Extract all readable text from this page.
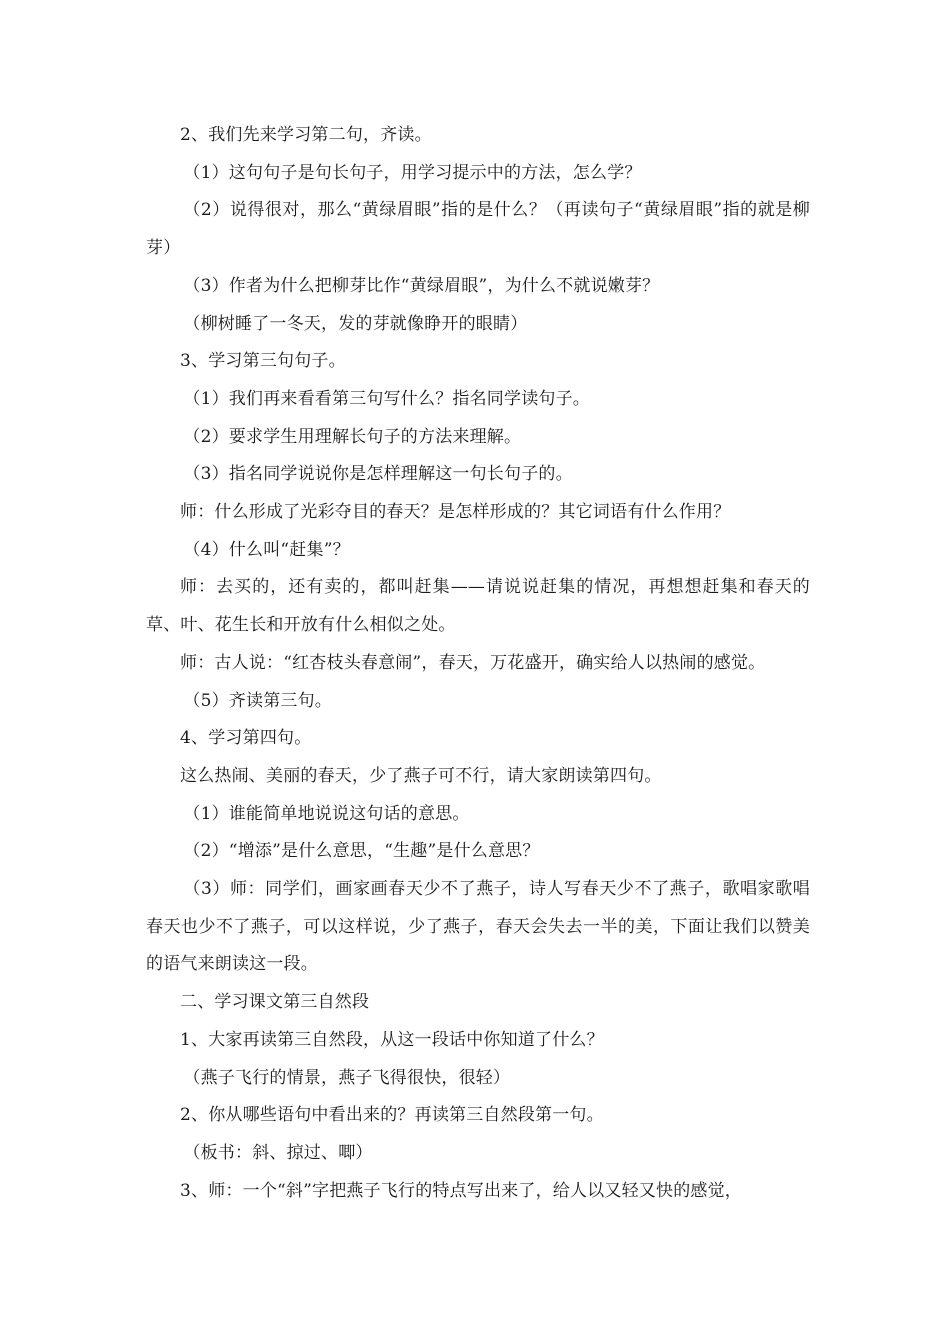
2、我们先来学习第二句，齐读。

（1）这句句子是句长句子，用学习提示中的方法，怎么学？

（2）说得很对，那么“黄绿眉眼”指的是什么？（再读句子“黄绿眉眼”指的就是柳芽）

（3）作者为什么把柳芽比作“黄绿眉眼”，为什么不就说嫩芽？

（柳树睡了一冬天，发的芽就像睁开的眼睛）

3、学习第三句句子。

（1）我们再来看看第三句写什么？指名同学读句子。

（2）要求学生用理解长句子的方法来理解。

（3）指名同学说说你是怎样理解这一句长句子的。

师：什么形成了光彩夺目的春天？是怎样形成的？其它词语有什么作用？

（4）什么叫“赶集”？

师：去买的，还有卖的，都叫赶集——请说说赶集的情况，再想想赶集和春天的草、叶、花生长和开放有什么相似之处。

师：古人说：“红杏枝头春意闹”，春天，万花盛开，确实给人以热闹的感觉。

（5）齐读第三句。

4、学习第四句。

这么热闹、美丽的春天，少了燕子可不行，请大家朗读第四句。

（1）谁能简单地说说这句话的意思。

（2）“增添”是什么意思，“生趣”是什么意思？

（3）师：同学们，画家画春天少不了燕子，诗人写春天少不了燕子，歌唱家歌唱春天也少不了燕子，可以这样说，少了燕子，春天会失去一半的美，下面让我们以赞美的语气来朗读这一段。

二、学习课文第三自然段

1、大家再读第三自然段，从这一段话中你知道了什么？

（燕子飞行的情景，燕子飞得很快，很轻）

2、你从哪些语句中看出来的？再读第三自然段第一句。

（板书：斜、掠过、唧）

3、师：一个“斜”字把燕子飞行的特点写出来了，给人以又轻又快的感觉，
